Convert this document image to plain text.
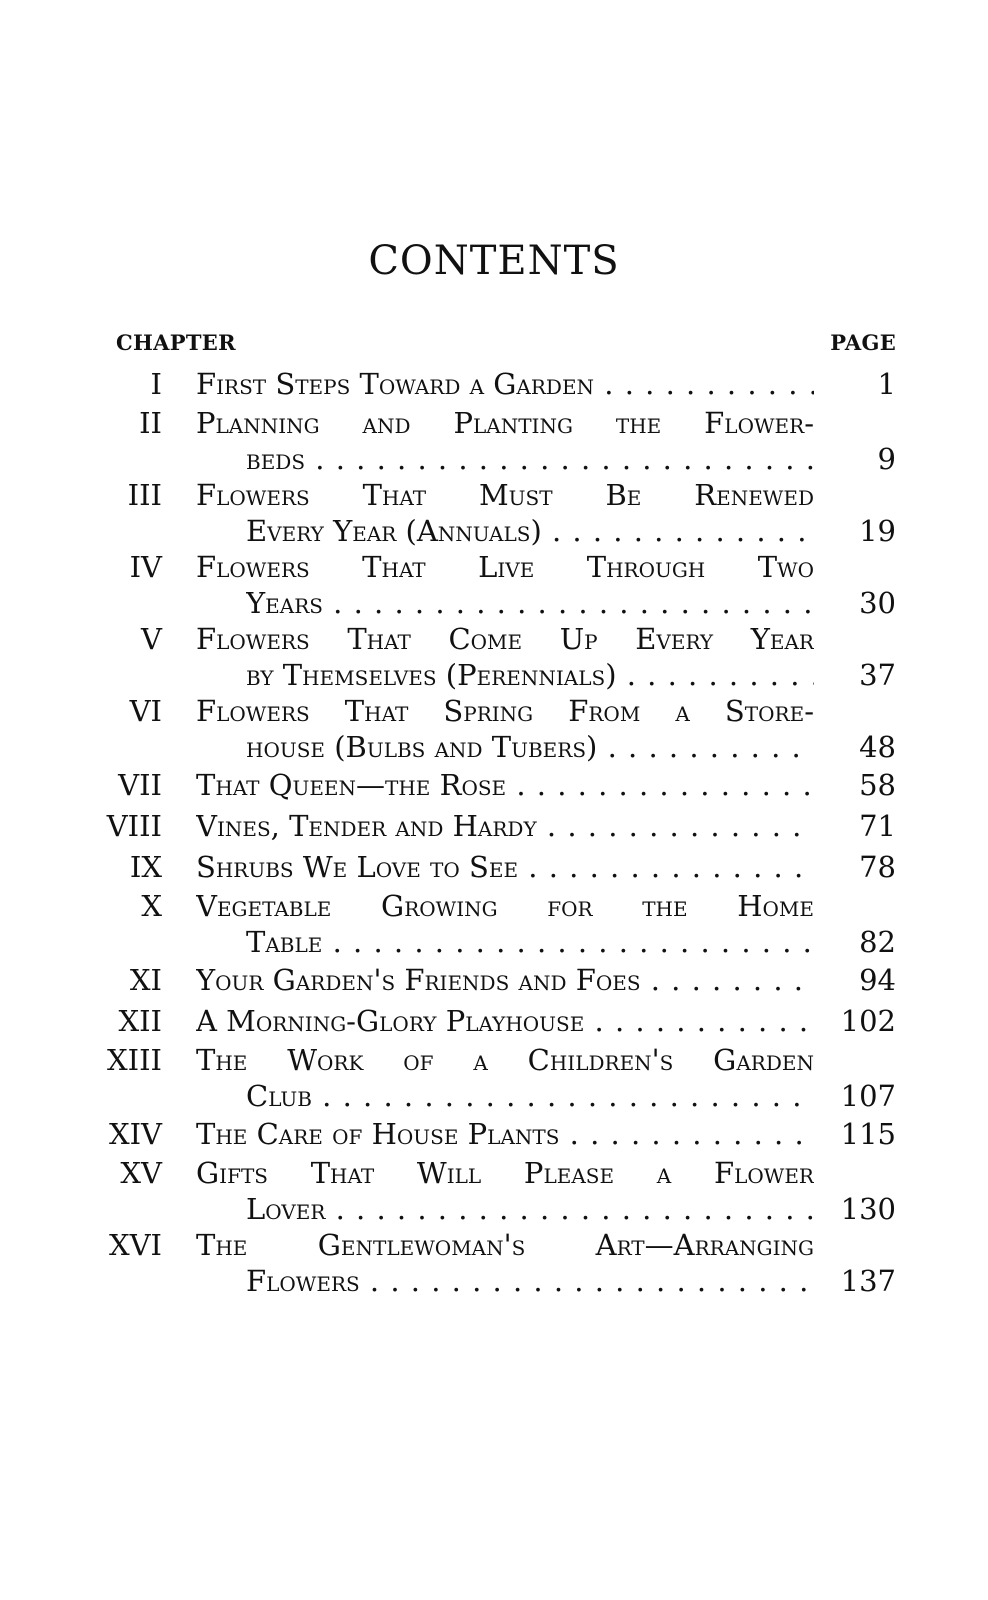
CONTENTS
CHAPTER	PAGE
I First Steps Toward a Garden . . .	1
II Planning and Planting the Flower-
beds . . .	9
III Flowers That Must Be Renewed
Every Year (Annuals) . . .	19
IV Flowers That Live Through Two
Years . . .	30
V Flowers That Come Up Every Year
by Themselves (Perennials) . . .	37
VI Flowers That Spring From a Store-
house (Bulbs and Tubers) . . .	48
VII That Queen—the Rose . . .	58
VIII Vines, Tender and Hardy . . .	71
IX Shrubs We Love to See . . .	78
X Vegetable Growing for the Home
Table . . .	82
XI Your Garden's Friends and Foes . . .	94
XII A Morning-Glory Playhouse . . .	102
XIII The Work of a Children's Garden
Club . . .	107
XIV The Care of House Plants . . .	115
XV Gifts That Will Please a Flower
Lover . . .	130
XVI The Gentlewoman's Art—Arranging
Flowers . . .	137
